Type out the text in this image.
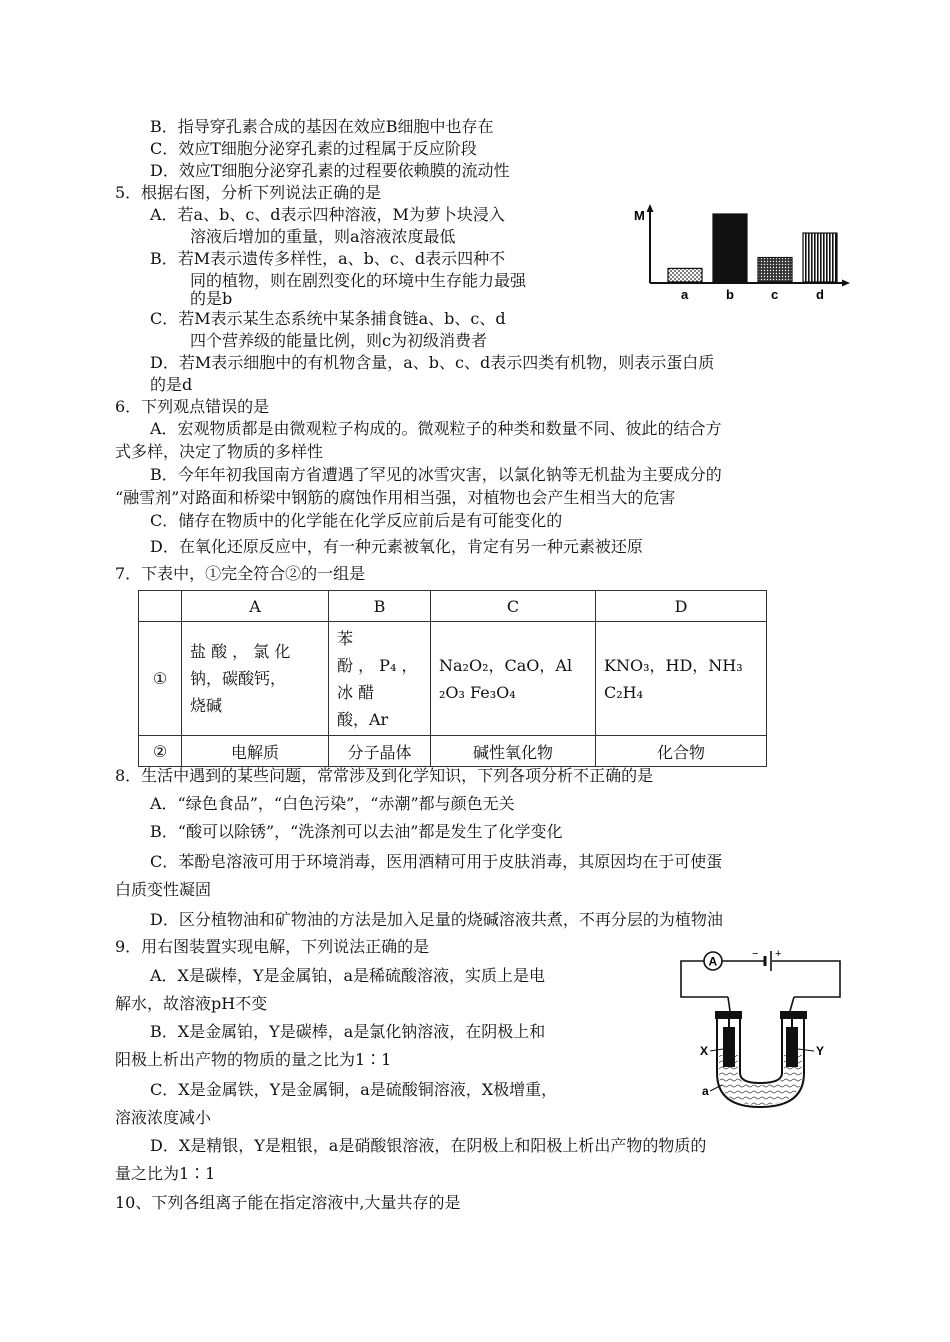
B．指导穿孔素合成的基因在效应B细胞中也存在
C．效应T细胞分泌穿孔素的过程属于反应阶段
D．效应T细胞分泌穿孔素的过程要依赖膜的流动性
5．根据右图，分析下列说法正确的是
A．若a、b、c、d表示四种溶液，M为萝卜块浸入
溶液后增加的重量，则a溶液浓度最低
B．若M表示遗传多样性，a、b、c、d表示四种不
同的植物，则在剧烈变化的环境中生存能力最强
的是b
C．若M表示某生态系统中某条捕食链a、b、c、d
四个营养级的能量比例，则c为初级消费者
D．若M表示细胞中的有机物含量，a、b、c、d表示四类有机物，则表示蛋白质
的是d
M
a	b	c	d
6．下列观点错误的是
A．宏观物质都是由微观粒子构成的。微观粒子的种类和数量不同、彼此的结合方
式多样，决定了物质的多样性
B．今年年初我国南方省遭遇了罕见的冰雪灾害，以氯化钠等无机盐为主要成分的
“融雪剂”对路面和桥梁中钢筋的腐蚀作用相当强，对植物也会产生相当大的危害
C．储存在物质中的化学能在化学反应前后是有可能变化的
D．在氧化还原反应中，有一种元素被氧化，肯定有另一种元素被还原
7．下表中，①完全符合②的一组是
	A	B	C	D
①	盐 酸 ， 氯 化
钠，碳酸钙，
烧碱	苯
酚 ， P₄ ，
冰 醋
酸，Ar	Na₂O₂，CaO，Al
₂O₃ Fe₃O₄	KNO₃，HD，NH₃
C₂H₄
②	电解质	分子晶体	碱性氧化物	化合物
8．生活中遇到的某些问题，常常涉及到化学知识，下列各项分析不正确的是
A．“绿色食品”，“白色污染”，“赤潮”都与颜色无关
B．“酸可以除锈”，“洗涤剂可以去油”都是发生了化学变化
C．苯酚皂溶液可用于环境消毒，医用酒精可用于皮肤消毒，其原因均在于可使蛋
白质变性凝固
D．区分植物油和矿物油的方法是加入足量的烧碱溶液共煮，不再分层的为植物油
9．用右图装置实现电解，下列说法正确的是
A．X是碳棒，Y是金属铂，a是稀硫酸溶液，实质上是电
解水，故溶液pH不变
B．X是金属铂，Y是碳棒，a是氯化钠溶液，在阴极上和
阳极上析出产物的物质的量之比为1∶1
C．X是金属铁，Y是金属铜，a是硫酸铜溶液，X极增重，
溶液浓度减小
D．X是精银，Y是粗银，a是硝酸银溶液，在阴极上和阳极上析出产物的物质的
量之比为1∶1
A
− +
X	Y
a
10、下列各组离子能在指定溶液中,大量共存的是
